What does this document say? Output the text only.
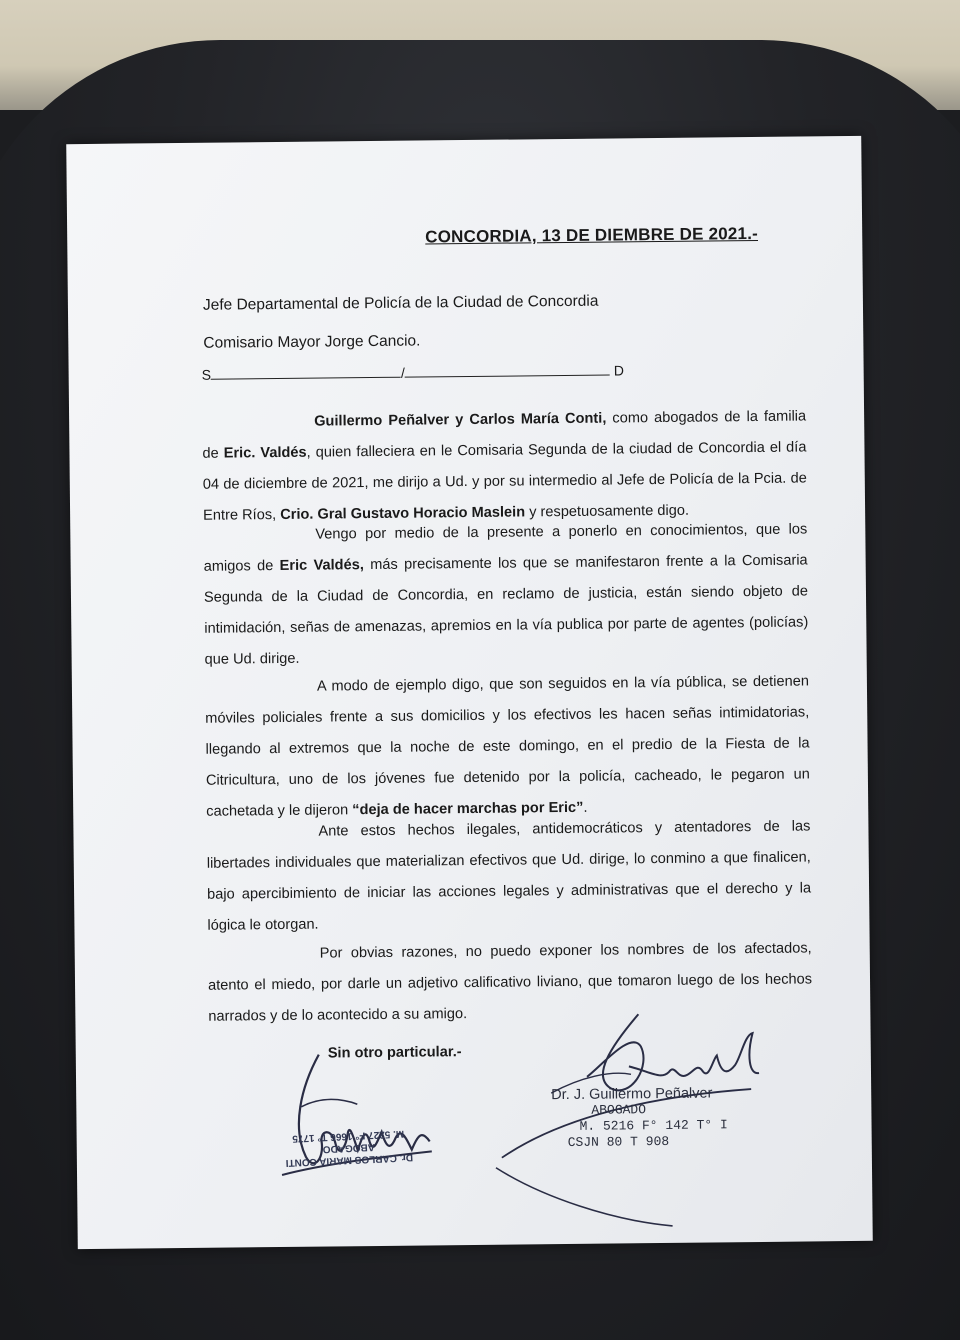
CONCORDIA, 13 DE DIEMBRE DE 2021.-
Jefe Departamental de Policía de la Ciudad de Concordia
Comisario Mayor Jorge Cancio.
S	/	D
Guillermo Peñalver y Carlos María Conti, como abogados de la familia de Eric. Valdés, quien falleciera en le Comisaria Segunda de la ciudad de Concordia el día 04 de diciembre de 2021, me dirijo a Ud. y por su intermedio al Jefe de Policía de la Pcia. de Entre Ríos, Crio. Gral Gustavo Horacio Maslein y respetuosamente digo.
Vengo por medio de la presente a ponerlo en conocimientos, que los amigos de Eric Valdés, más precisamente los que se manifestaron frente a la Comisaria Segunda de la Ciudad de Concordia, en reclamo de justicia, están siendo objeto de intimidación, señas de amenazas, apremios en la vía publica por parte de agentes (policías) que Ud. dirige.
A modo de ejemplo digo, que son seguidos en la vía pública, se detienen móviles policiales frente a sus domicilios y los efectivos les hacen señas intimidatorias, llegando al extremos que la noche de este domingo, en el predio de la Fiesta de la Citricultura, uno de los jóvenes fue detenido por la policía, cacheado, le pegaron un cachetada y le dijeron “deja de hacer marchas por Eric”.
Ante estos hechos ilegales, antidemocráticos y atentadores de las libertades individuales que materializan efectivos que Ud. dirige, lo conmino a que finalicen, bajo apercibimiento de iniciar las acciones legales y administrativas que el derecho y la lógica le otorgan.
Por obvias razones, no puedo exponer los nombres de los afectados, atento el miedo, por darle un adjetivo calificativo liviano, que tomaron luego de los hechos narrados y de lo acontecido a su amigo.
Sin otro particular.-
Dr. CARLOS MARIA CONTI
ABOGADO
M. 5227 F° 1666 T° 1775
Dr. J. Guillermo Peñalver
ABOGADO
M. 5216 F° 142 T° I
CSJN 80 T 908
